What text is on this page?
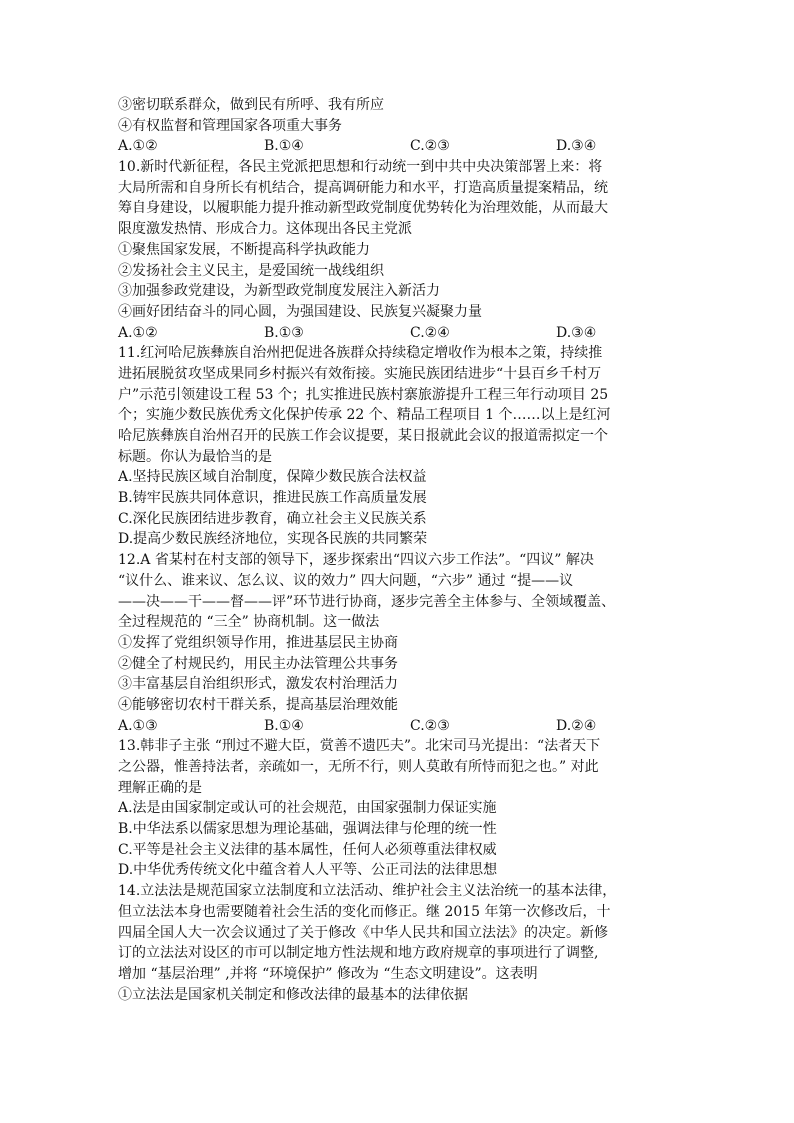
③密切联系群众，做到民有所呼、我有所应
④有权监督和管理国家各项重大事务
A.①②	B.①④	C.②③	D.③④
10.新时代新征程，各民主党派把思想和行动统一到中共中央决策部署上来：将
大局所需和自身所长有机结合，提高调研能力和水平，打造高质量提案精品，统
筹自身建设，以履职能力提升推动新型政党制度优势转化为治理效能，从而最大
限度激发热情、形成合力。这体现出各民主党派
①聚焦国家发展，不断提高科学执政能力
②发扬社会主义民主，是爱国统一战线组织
③加强参政党建设，为新型政党制度发展注入新活力
④画好团结奋斗的同心圆，为强国建设、民族复兴凝聚力量
A.①②	B.①③	C.②④	D.③④
11.红河哈尼族彝族自治州把促进各族群众持续稳定增收作为根本之策，持续推
进拓展脱贫攻坚成果同乡村振兴有效衔接。实施民族团结进步“十县百乡千村万
户”示范引领建设工程 53 个；扎实推进民族村寨旅游提升工程三年行动项目 25
个；实施少数民族优秀文化保护传承 22 个、精品工程项目 1 个……以上是红河
哈尼族彝族自治州召开的民族工作会议提要，某日报就此会议的报道需拟定一个
标题。你认为最恰当的是
A.坚持民族区域自治制度，保障少数民族合法权益
B.铸牢民族共同体意识，推进民族工作高质量发展
C.深化民族团结进步教育，确立社会主义民族关系
D.提高少数民族经济地位，实现各民族的共同繁荣
12.A 省某村在村支部的领导下，逐步探索出“四议六步工作法”。“四议” 解决
“议什么、谁来议、怎么议、议的效力” 四大问题，“六步” 通过 “提——议
——决——干——督——评”环节进行协商，逐步完善全主体参与、全领域覆盖、
全过程规范的 “三全” 协商机制。这一做法
①发挥了党组织领导作用，推进基层民主协商
②健全了村规民约，用民主办法管理公共事务
③丰富基层自治组织形式，激发农村治理活力
④能够密切农村干群关系，提高基层治理效能
A.①③	B.①④	C.②③	D.②④
13.韩非子主张 “刑过不避大臣，赏善不遗匹夫”。北宋司马光提出：“法者天下
之公器，惟善持法者，亲疏如一，无所不行，则人莫敢有所恃而犯之也。” 对此
理解正确的是
A.法是由国家制定或认可的社会规范，由国家强制力保证实施
B.中华法系以儒家思想为理论基础，强调法律与伦理的统一性
C.平等是社会主义法律的基本属性，任何人必须尊重法律权威
D.中华优秀传统文化中蕴含着人人平等、公正司法的法律思想
14.立法法是规范国家立法制度和立法活动、维护社会主义法治统一的基本法律，
但立法法本身也需要随着社会生活的变化而修正。继 2015 年第一次修改后，十
四届全国人大一次会议通过了关于修改《中华人民共和国立法法》的决定。新修
订的立法法对设区的市可以制定地方性法规和地方政府规章的事项进行了调整,
增加 “基层治理” ,并将 “环境保护” 修改为 “生态文明建设”。这表明
①立法法是国家机关制定和修改法律的最基本的法律依据
